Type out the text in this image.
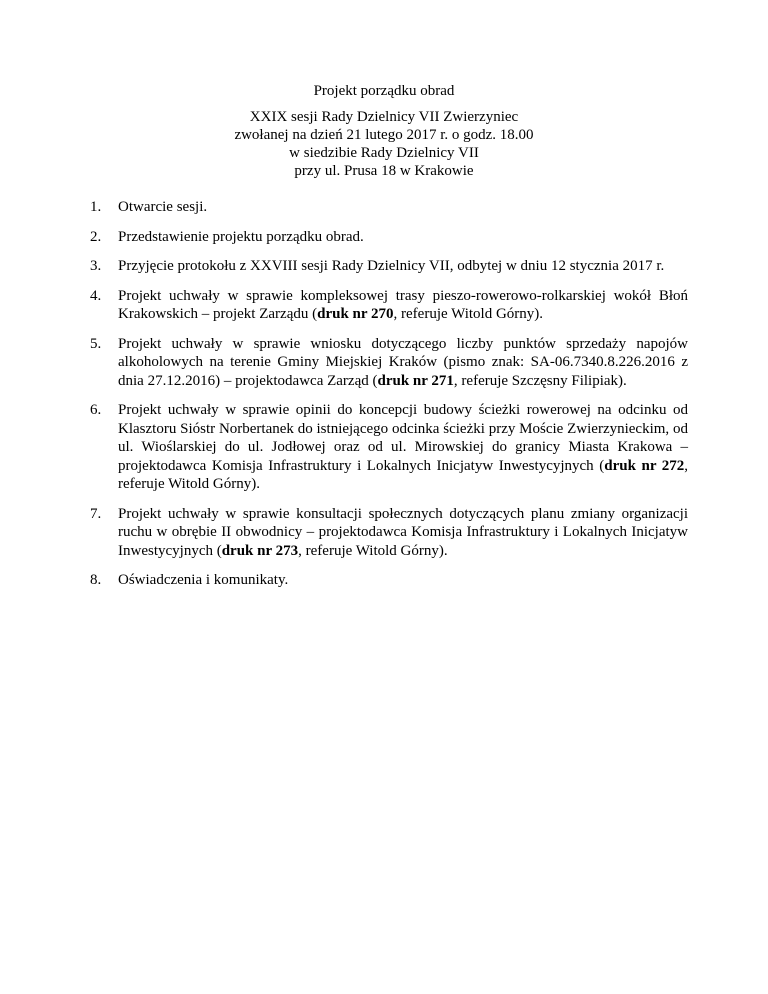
Projekt porządku obrad
XXIX sesji Rady Dzielnicy VII Zwierzyniec
zwołanej na dzień 21 lutego 2017 r. o godz. 18.00
w siedzibie Rady Dzielnicy VII
przy ul. Prusa 18 w Krakowie
1. Otwarcie sesji.
2. Przedstawienie projektu porządku obrad.
3. Przyjęcie protokołu z XXVIII sesji Rady Dzielnicy VII, odbytej w dniu 12 stycznia 2017 r.
4. Projekt uchwały w sprawie kompleksowej trasy pieszo-rowerowo-rolkarskiej wokół Błoń Krakowskich – projekt Zarządu (druk nr 270, referuje Witold Górny).
5. Projekt uchwały w sprawie wniosku dotyczącego liczby punktów sprzedaży napojów alkoholowych na terenie Gminy Miejskiej Kraków (pismo znak: SA-06.7340.8.226.2016 z dnia 27.12.2016) – projektodawca Zarząd (druk nr 271, referuje Szczęsny Filipiak).
6. Projekt uchwały w sprawie opinii do koncepcji budowy ścieżki rowerowej na odcinku od Klasztoru Sióstr Norbertanek do istniejącego odcinka ścieżki przy Moście Zwierzynieckim, od ul. Wioślarskiej do ul. Jodłowej oraz od ul. Mirowskiej do granicy Miasta Krakowa – projektodawca Komisja Infrastruktury i Lokalnych Inicjatyw Inwestycyjnych (druk nr 272, referuje Witold Górny).
7. Projekt uchwały w sprawie konsultacji społecznych dotyczących planu zmiany organizacji ruchu w obrębie II obwodnicy – projektodawca Komisja Infrastruktury i Lokalnych Inicjatyw Inwestycyjnych (druk nr 273, referuje Witold Górny).
8. Oświadczenia i komunikaty.
